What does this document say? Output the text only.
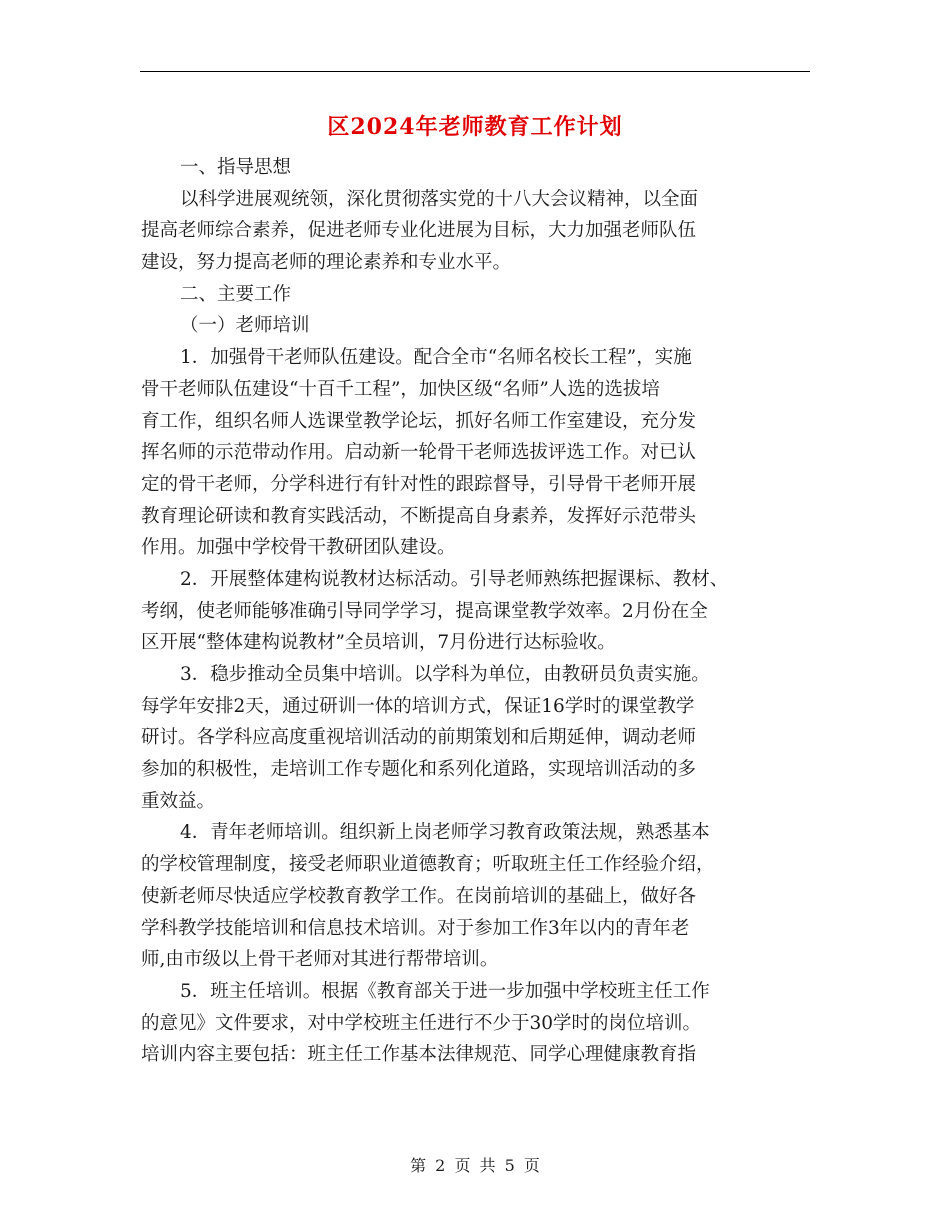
区2024年老师教育工作计划
一、指导思想
以科学进展观统领，深化贯彻落实党的十八大会议精神，以全面
提高老师综合素养，促进老师专业化进展为目标，大力加强老师队伍
建设，努力提高老师的理论素养和专业水平。
二、主要工作
（一）老师培训
1．加强骨干老师队伍建设。配合全市“名师名校长工程”，实施
骨干老师队伍建设“十百千工程”，加快区级“名师”人选的选拔培
育工作，组织名师人选课堂教学论坛，抓好名师工作室建设，充分发
挥名师的示范带动作用。启动新一轮骨干老师选拔评选工作。对已认
定的骨干老师，分学科进行有针对性的跟踪督导，引导骨干老师开展
教育理论研读和教育实践活动，不断提高自身素养，发挥好示范带头
作用。加强中学校骨干教研团队建设。
2．开展整体建构说教材达标活动。引导老师熟练把握课标、教材、
考纲，使老师能够准确引导同学学习，提高课堂教学效率。2月份在全
区开展“整体建构说教材”全员培训，7月份进行达标验收。
3．稳步推动全员集中培训。以学科为单位，由教研员负责实施。
每学年安排2天，通过研训一体的培训方式，保证16学时的课堂教学
研讨。各学科应高度重视培训活动的前期策划和后期延伸，调动老师
参加的积极性，走培训工作专题化和系列化道路，实现培训活动的多
重效益。
4．青年老师培训。组织新上岗老师学习教育政策法规，熟悉基本
的学校管理制度，接受老师职业道德教育；听取班主任工作经验介绍，
使新老师尽快适应学校教育教学工作。在岗前培训的基础上，做好各
学科教学技能培训和信息技术培训。对于参加工作3年以内的青年老
师,由市级以上骨干老师对其进行帮带培训。
5．班主任培训。根据《教育部关于进一步加强中学校班主任工作
的意见》文件要求，对中学校班主任进行不少于30学时的岗位培训。
培训内容主要包括：班主任工作基本法律规范、同学心理健康教育指
第 2 页 共 5 页
